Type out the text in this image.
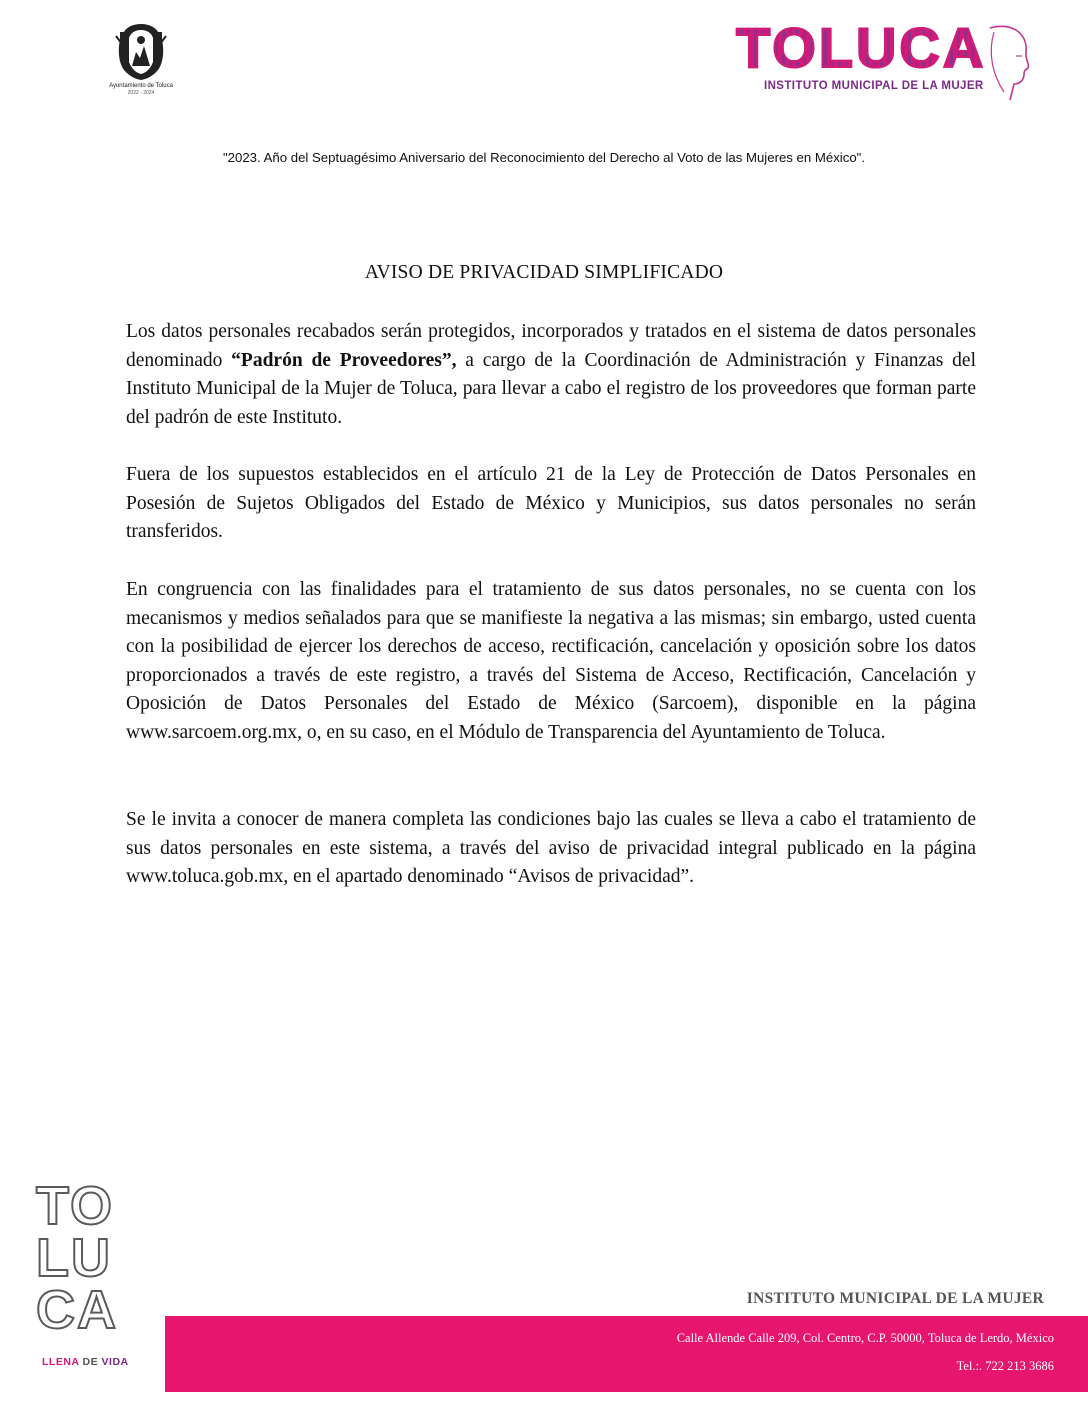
Ayuntamiento de Toluca
2022 - 2024
TOLUCA
INSTITUTO MUNICIPAL DE LA MUJER
"2023. Año del Septuagésimo Aniversario del Reconocimiento del Derecho al Voto de las Mujeres en México".
AVISO DE PRIVACIDAD SIMPLIFICADO

Los datos personales recabados serán protegidos, incorporados y tratados en el sistema de datos personales denominado “Padrón de Proveedores”, a cargo de la Coordinación de Administración y Finanzas del Instituto Municipal de la Mujer de Toluca, para llevar a cabo el registro de los proveedores que forman parte del padrón de este Instituto.

Fuera de los supuestos establecidos en el artículo 21 de la Ley de Protección de Datos Personales en Posesión de Sujetos Obligados del Estado de México y Municipios, sus datos personales no serán transferidos.

En congruencia con las finalidades para el tratamiento de sus datos personales, no se cuenta con los mecanismos y medios señalados para que se manifieste la negativa a las mismas; sin embargo, usted cuenta con la posibilidad de ejercer los derechos de acceso, rectificación, cancelación y oposición sobre los datos proporcionados a través de este registro, a través del Sistema de Acceso, Rectificación, Cancelación y Oposición de Datos Personales del Estado de México (Sarcoem), disponible en la página www.sarcoem.org.mx, o, en su caso, en el Módulo de Transparencia del Ayuntamiento de Toluca.

Se le invita a conocer de manera completa las condiciones bajo las cuales se lleva a cabo el tratamiento de sus datos personales en este sistema, a través del aviso de privacidad integral publicado en la página www.toluca.gob.mx, en el apartado denominado “Avisos de privacidad”.

TO
LU
CA
LLENA DE VIDA
INSTITUTO MUNICIPAL DE LA MUJER
Calle Allende Calle 209, Col. Centro, C.P. 50000, Toluca de Lerdo, México
Tel.:. 722 213 3686
